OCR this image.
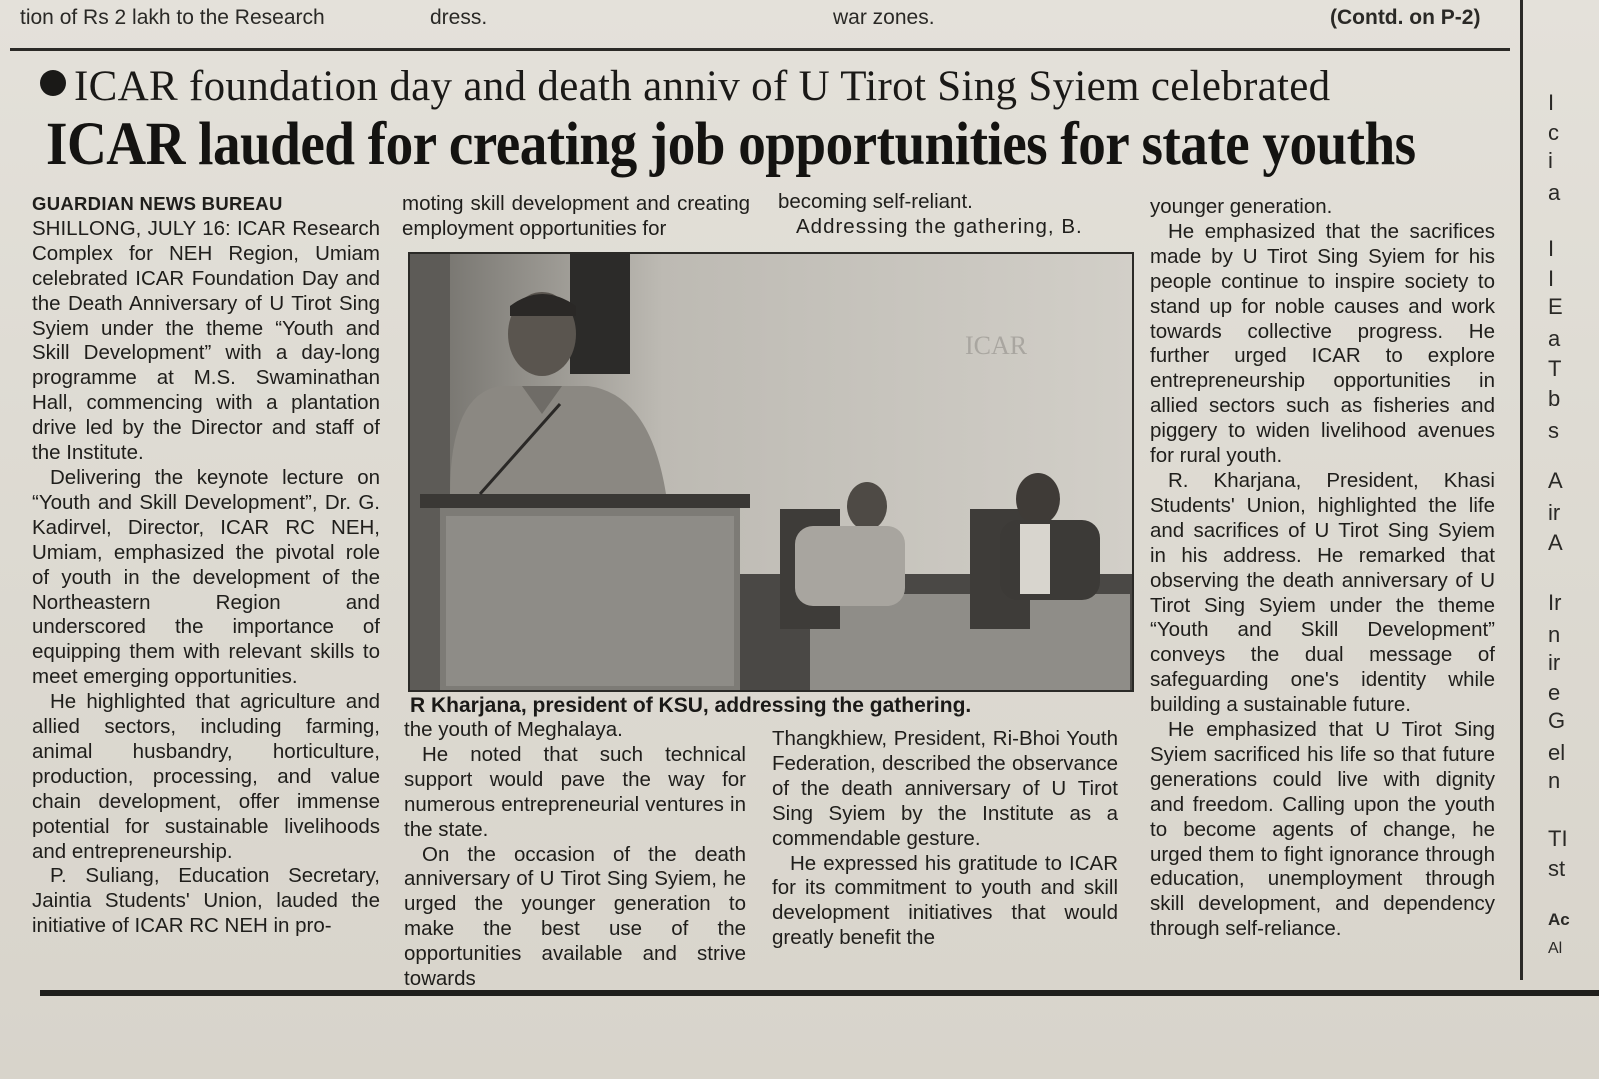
tion of Rs 2 lakh to the Research	dress.	war zones.	(Contd. on P-2)
ICAR foundation day and death anniv of U Tirot Sing Syiem celebrated
ICAR lauded for creating job opportunities for state youths

GUARDIAN NEWS BUREAU

SHILLONG, JULY 16: ICAR Research Complex for NEH Region, Umiam celebrated ICAR Foundation Day and the Death Anniversary of U Tirot Sing Syiem under the theme “Youth and Skill Development” with a day-long programme at M.S. Swaminathan Hall, commencing with a plantation drive led by the Director and staff of the Institute.

Delivering the keynote lecture on “Youth and Skill Development”, Dr. G. Kadirvel, Director, ICAR RC NEH, Umiam, emphasized the pivotal role of youth in the development of the Northeastern Region and underscored the importance of equipping them with relevant skills to meet emerging opportunities.

He highlighted that agriculture and allied sectors, including farming, animal husbandry, horticulture, production, processing, and value chain development, offer immense potential for sustainable livelihoods and entrepreneurship.

P. Suliang, Education Secretary, Jaintia Students' Union, lauded the initiative of ICAR RC NEH in pro-

moting skill development and creating employment opportunities for

becoming self-reliant.

Addressing the gathering, B.

ICAR
R Kharjana, president of KSU, addressing the gathering.

the youth of Meghalaya.

He noted that such technical support would pave the way for numerous entrepreneurial ventures in the state.

On the occasion of the death anniversary of U Tirot Sing Syiem, he urged the younger generation to make the best use of the opportunities available and strive towards

Thangkhiew, President, Ri-Bhoi Youth Federation, described the observance of the death anniversary of U Tirot Sing Syiem by the Institute as a commendable gesture.

He expressed his gratitude to ICAR for its commitment to youth and skill development initiatives that would greatly benefit the

younger generation.

He emphasized that the sacrifices made by U Tirot Sing Syiem for his people continue to inspire society to stand up for noble causes and work towards collective progress. He further urged ICAR to explore entrepreneurship opportunities in allied sectors such as fisheries and piggery to widen livelihood avenues for rural youth.

R. Kharjana, President, Khasi Students' Union, highlighted the life and sacrifices of U Tirot Sing Syiem in his address. He remarked that observing the death anniversary of U Tirot Sing Syiem under the theme “Youth and Skill Development” conveys the dual message of safeguarding one's identity while building a sustainable future.

He emphasized that U Tirot Sing Syiem sacrificed his life so that future generations could live with dignity and freedom. Calling upon the youth to become agents of change, he urged them to fight ignorance through education, unemployment through skill development, and dependency through self-reliance.

I
c
i
a
I
I
E
a
T
b
s
A
ir
A
Ir
n
ir
e
G
el
n
TI
st
Ac
Al
